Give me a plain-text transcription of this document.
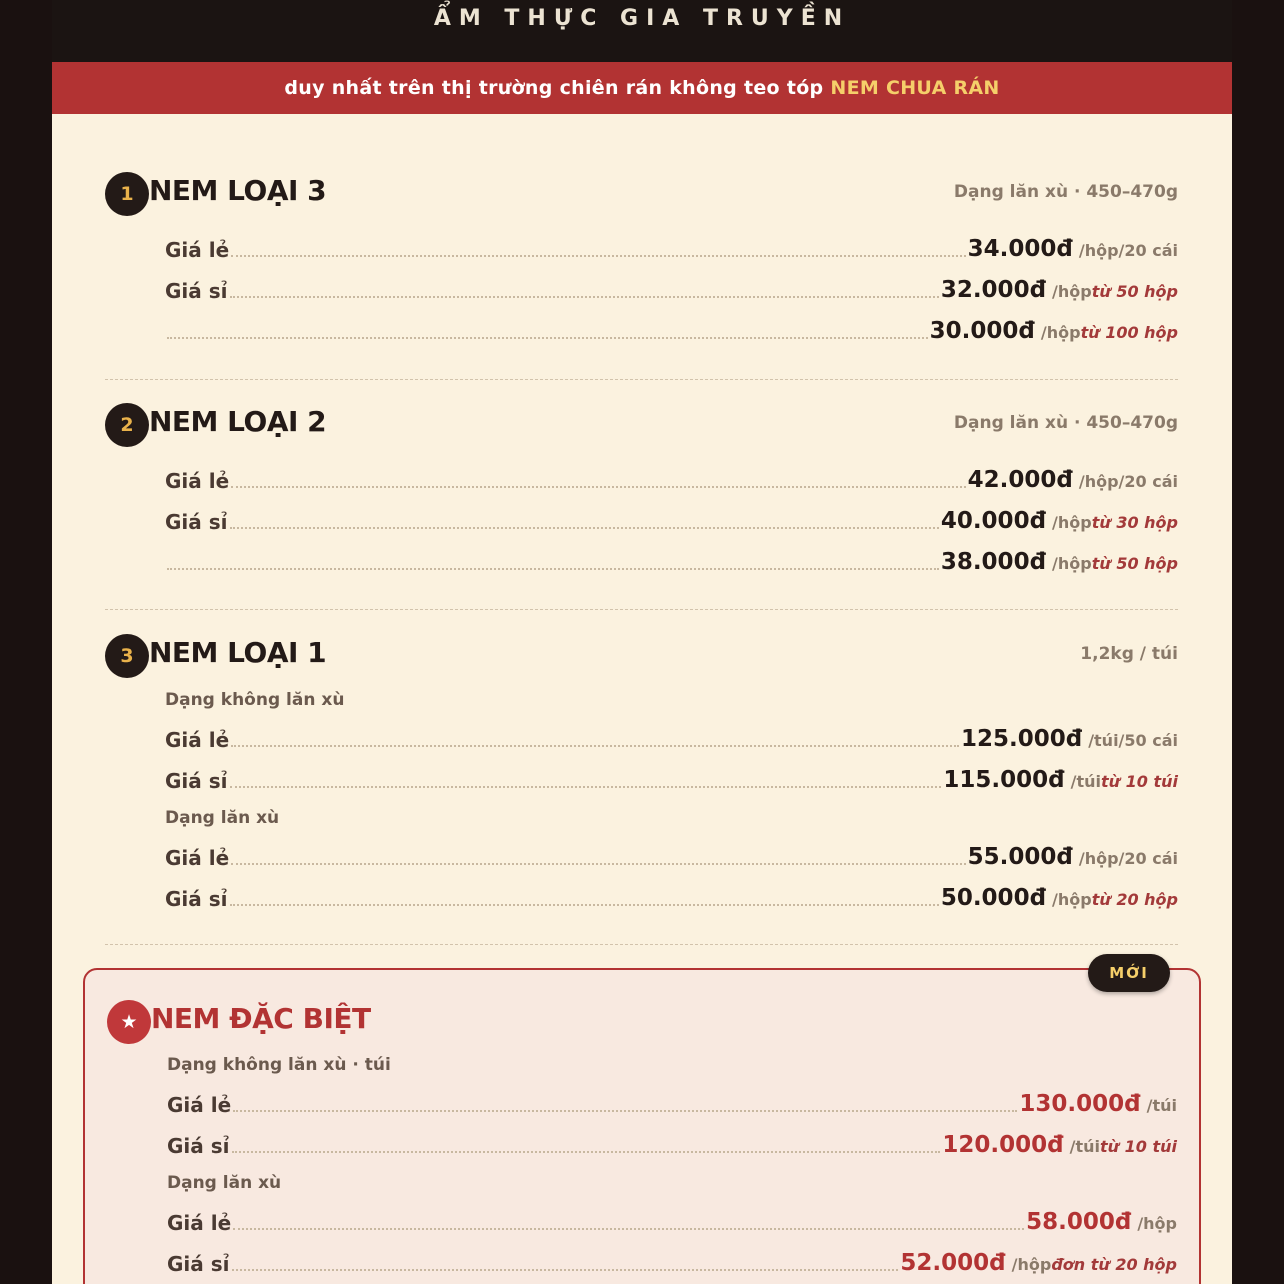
ẨM THỰC GIA TRUYỀN
duy nhất trên thị trường chiên rán không teo tóp NEM CHUA RÁN
1 NEM LOẠI 3	Dạng lăn xù · 450–470g
Giá lẻ	34.000đ /hộp/20 cái
Giá sỉ	32.000đ /hộp từ 50 hộp
30.000đ /hộp từ 100 hộp
2 NEM LOẠI 2	Dạng lăn xù · 450–470g
Giá lẻ	42.000đ /hộp/20 cái
Giá sỉ	40.000đ /hộp từ 30 hộp
38.000đ /hộp từ 50 hộp
3 NEM LOẠI 1	1,2kg / túi
Dạng không lăn xù
Giá lẻ	125.000đ /túi/50 cái
Giá sỉ	115.000đ /túi từ 10 túi
Dạng lăn xù
Giá lẻ	55.000đ /hộp/20 cái
Giá sỉ	50.000đ /hộp từ 20 hộp
★ NEM ĐẶC BIỆT
Dạng không lăn xù · túi
Giá lẻ	130.000đ /túi
Giá sỉ	120.000đ /túi từ 10 túi
Dạng lăn xù
Giá lẻ	58.000đ /hộp
Giá sỉ	52.000đ /hộp đơn từ 20 hộp
MỚI
